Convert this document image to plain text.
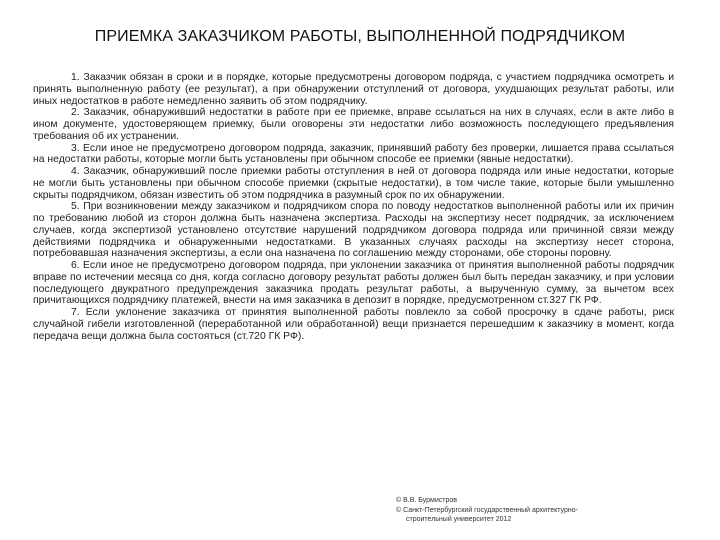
ПРИЕМКА ЗАКАЗЧИКОМ РАБОТЫ, ВЫПОЛНЕННОЙ ПОДРЯДЧИКОМ

1. Заказчик обязан в сроки и в порядке, которые предусмотрены договором подряда, с участием подрядчика осмотреть и принять выполненную работу (ее результат), а при обнаружении отступлений от договора, ухудшающих результат работы, или иных недостатков в работе немедленно заявить об этом подрядчику.

2. Заказчик, обнаруживший недостатки в работе при ее приемке, вправе ссылаться на них в случаях, если в акте либо в ином документе, удостоверяющем приемку, были оговорены эти недостатки либо возможность последующего предъявления требования об их устранении.

3. Если иное не предусмотрено договором подряда, заказчик, принявший работу без проверки, лишается права ссылаться на недостатки работы, которые могли быть установлены при обычном способе ее приемки (явные недостатки).

4. Заказчик, обнаруживший после приемки работы отступления в ней от договора подряда или иные недостатки, которые не могли быть установлены при обычном способе приемки (скрытые недостатки), в том числе такие, которые были умышленно скрыты подрядчиком, обязан известить об этом подрядчика в разумный срок по их обнаружении.

5. При возникновении между заказчиком и подрядчиком спора по поводу недостатков выполненной работы или их причин по требованию любой из сторон должна быть назначена экспертиза. Расходы на экспертизу несет подрядчик, за исключением случаев, когда экспертизой установлено отсутствие нарушений подрядчиком договора подряда или причинной связи между действиями подрядчика и обнаруженными недостатками. В указанных случаях расходы на экспертизу несет сторона, потребовавшая назначения экспертизы, а если она назначена по соглашению между сторонами, обе стороны поровну.

6. Если иное не предусмотрено договором подряда, при уклонении заказчика от принятия выполненной работы подрядчик вправе по истечении месяца со дня, когда согласно договору результат работы должен был быть передан заказчику, и при условии последующего двукратного предупреждения заказчика продать результат работы, а вырученную сумму, за вычетом всех причитающихся подрядчику платежей, внести на имя заказчика в депозит в порядке, предусмотренном ст.327 ГК РФ.

7. Если уклонение заказчика от принятия выполненной работы повлекло за собой просрочку в сдаче работы, риск случайной гибели изготовленной (переработанной или обработанной) вещи признается перешедшим к заказчику в момент, когда передача вещи должна была состояться (ст.720 ГК РФ).

© В.В. Бурмистров
© Санкт-Петербургский государственный архитектурно-
строительный университет 2012
